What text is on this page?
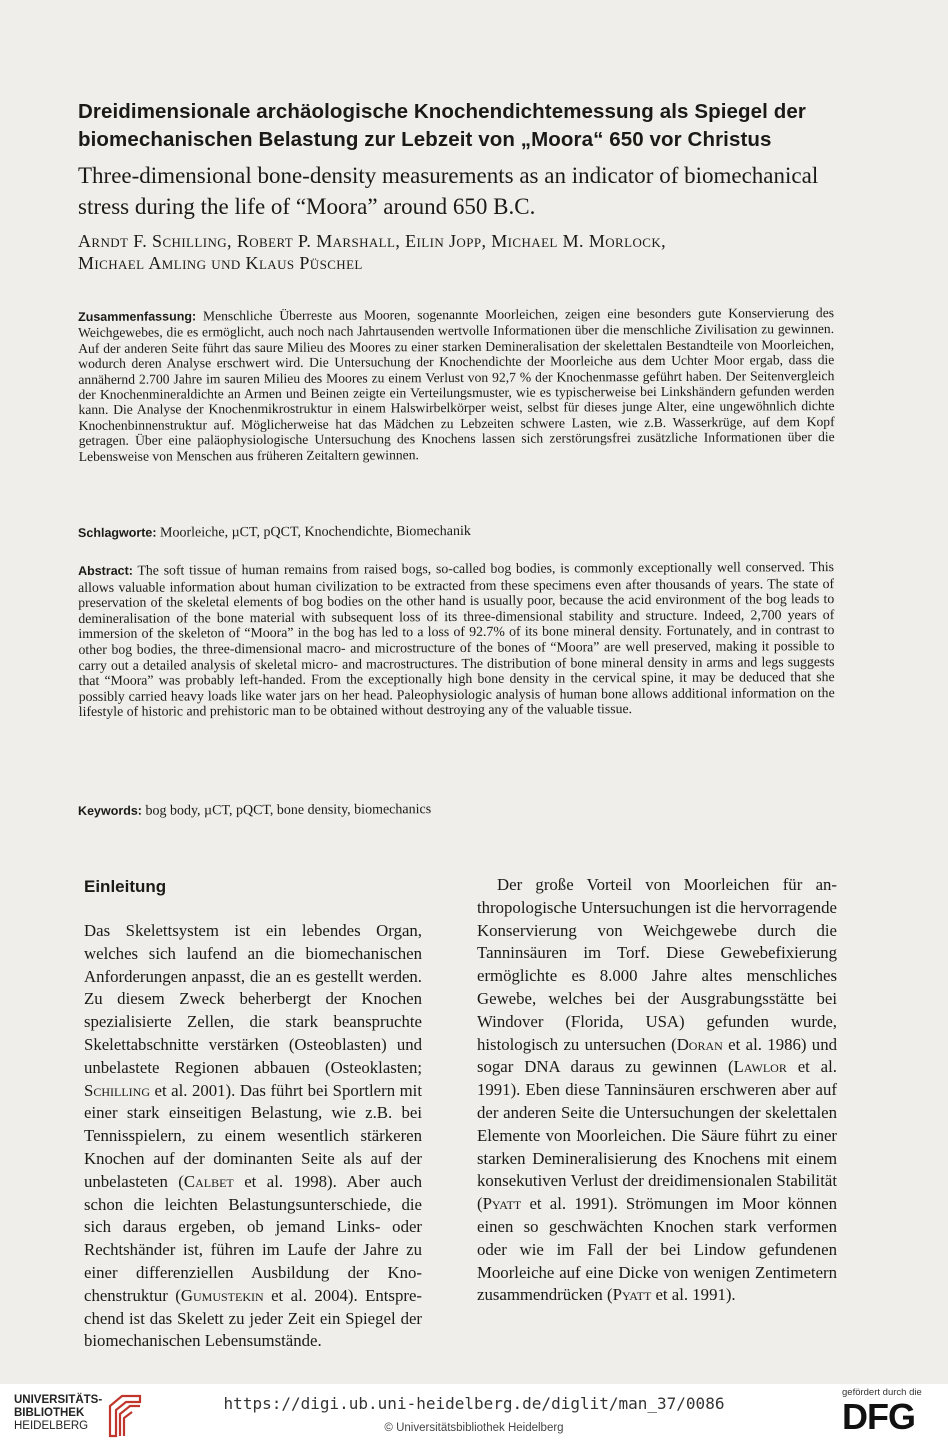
Dreidimensionale archäologische Knochendichtemessung als Spiegel der biomechanischen Belastung zur Lebzeit von „Moora“ 650 vor Christus
Three-dimensional bone-density measurements as an indicator of biomechanical stress during the life of “Moora” around 650 B.C.
Arndt F. Schilling, Robert P. Marshall, Eilin Jopp, Michael M. Morlock,
Michael Amling und Klaus Püschel
Zusammenfassung: Menschliche Überreste aus Mooren, sogenannte Moorleichen, zeigen eine besonders gute Konservierung des Weichgewebes, die es ermöglicht, auch noch nach Jahrtausenden wertvolle Informationen über die menschliche Zivilisation zu gewinnen. Auf der anderen Seite führt das saure Milieu des Moores zu einer starken Demineralisation der skelettalen Bestandteile von Moorleichen, wodurch deren Analyse erschwert wird. Die Untersuchung der Knochendichte der Moorleiche aus dem Uchter Moor ergab, dass die annähernd 2.700 Jahre im sauren Milieu des Moores zu einem Verlust von 92,7 % der Knochenmasse geführt haben. Der Seitenvergleich der Knochenmineraldichte an Armen und Beinen zeigte ein Verteilungsmuster, wie es typischerweise bei Linkshändern gefunden werden kann. Die Analyse der Knochenmikrostruktur in einem Halswirbelkörper weist, selbst für dieses junge Alter, eine ungewöhnlich dichte Knochenbinnenstruktur auf. Möglicherweise hat das Mädchen zu Lebzeiten schwere Lasten, wie z.B. Wasserkrüge, auf dem Kopf getragen. Über eine paläophysiologische Untersuchung des Knochens lassen sich zerstörungsfrei zusätzliche Informationen über die Lebensweise von Menschen aus früheren Zeitaltern gewinnen.
Schlagworte: Moorleiche, µCT, pQCT, Knochendichte, Biomechanik
Abstract: The soft tissue of human remains from raised bogs, so-called bog bodies, is commonly exceptionally well conserved. This allows valuable information about human civilization to be extracted from these specimens even after thousands of years. The state of preservation of the skeletal elements of bog bodies on the other hand is usually poor, because the acid environment of the bog leads to demineralisation of the bone material with subsequent loss of its three-dimensional stability and structure. Indeed, 2,700 years of immersion of the skeleton of “Moora” in the bog has led to a loss of 92.7% of its bone mineral density. Fortunately, and in contrast to other bog bodies, the three-dimensional macro- and microstructure of the bones of “Moora” are well preserved, making it possible to carry out a detailed analysis of skeletal micro- and macrostructures. The distribution of bone mineral density in arms and legs suggests that “Moora” was probably left-handed. From the exceptionally high bone density in the cervical spine, it may be deduced that she possibly carried heavy loads like water jars on her head. Paleophysiologic analysis of human bone allows additional information on the lifestyle of historic and prehistoric man to be obtained without destroying any of the valuable tissue.
Keywords: bog body, µCT, pQCT, bone density, biomechanics
Einleitung
Das Skelettsystem ist ein lebendes Organ, welches sich laufend an die biomechanischen Anforderungen anpasst, die an es gestellt werden. Zu diesem Zweck beherbergt der Knochen spezialisierte Zellen, die stark beanspruchte Skelettabschnitte verstärken (Osteoblasten) und unbelastete Regionen abbauen (Osteoklasten; Schilling et al. 2001). Das führt bei Sportlern mit einer stark einseitigen Belastung, wie z.B. bei Tennisspielern, zu einem wesentlich stärkeren Knochen auf der dominanten Seite als auf der unbelasteten (Calbet et al. 1998). Aber auch schon die leichten Belastungsunterschiede, die sich daraus ergeben, ob jemand Links- oder Rechtshänder ist, führen im Laufe der Jahre zu einer differenziellen Ausbildung der Knochenstruktur (Gumustekin et al. 2004). Entsprechend ist das Skelett zu jeder Zeit ein Spiegel der biomechanischen Lebensumstände.
Der große Vorteil von Moorleichen für anthropologische Untersuchungen ist die hervorragende Konservierung von Weichgewebe durch die Tanninsäuren im Torf. Diese Gewebefixierung ermöglichte es 8.000 Jahre altes menschliches Gewebe, welches bei der Ausgrabungsstätte bei Windover (Florida, USA) gefunden wurde, histologisch zu untersuchen (Doran et al. 1986) und sogar DNA daraus zu gewinnen (Lawlor et al. 1991). Eben diese Tanninsäuren erschweren aber auf der anderen Seite die Untersuchungen der skelettalen Elemente von Moorleichen. Die Säure führt zu einer starken Demineralisierung des Knochens mit einem konsekutiven Verlust der dreidimensionalen Stabilität (Pyatt et al. 1991). Strömungen im Moor können einen so geschwächten Knochen stark verformen oder wie im Fall der bei Lindow gefundenen Moorleiche auf eine Dicke von wenigen Zentimetern zusammendrücken (Pyatt et al. 1991).
UNIVERSITÄTS-
BIBLIOTHEK
HEIDELBERG
https://digi.ub.uni-heidelberg.de/diglit/man_37/0086
© Universitätsbibliothek Heidelberg
gefördert durch die
DFG
